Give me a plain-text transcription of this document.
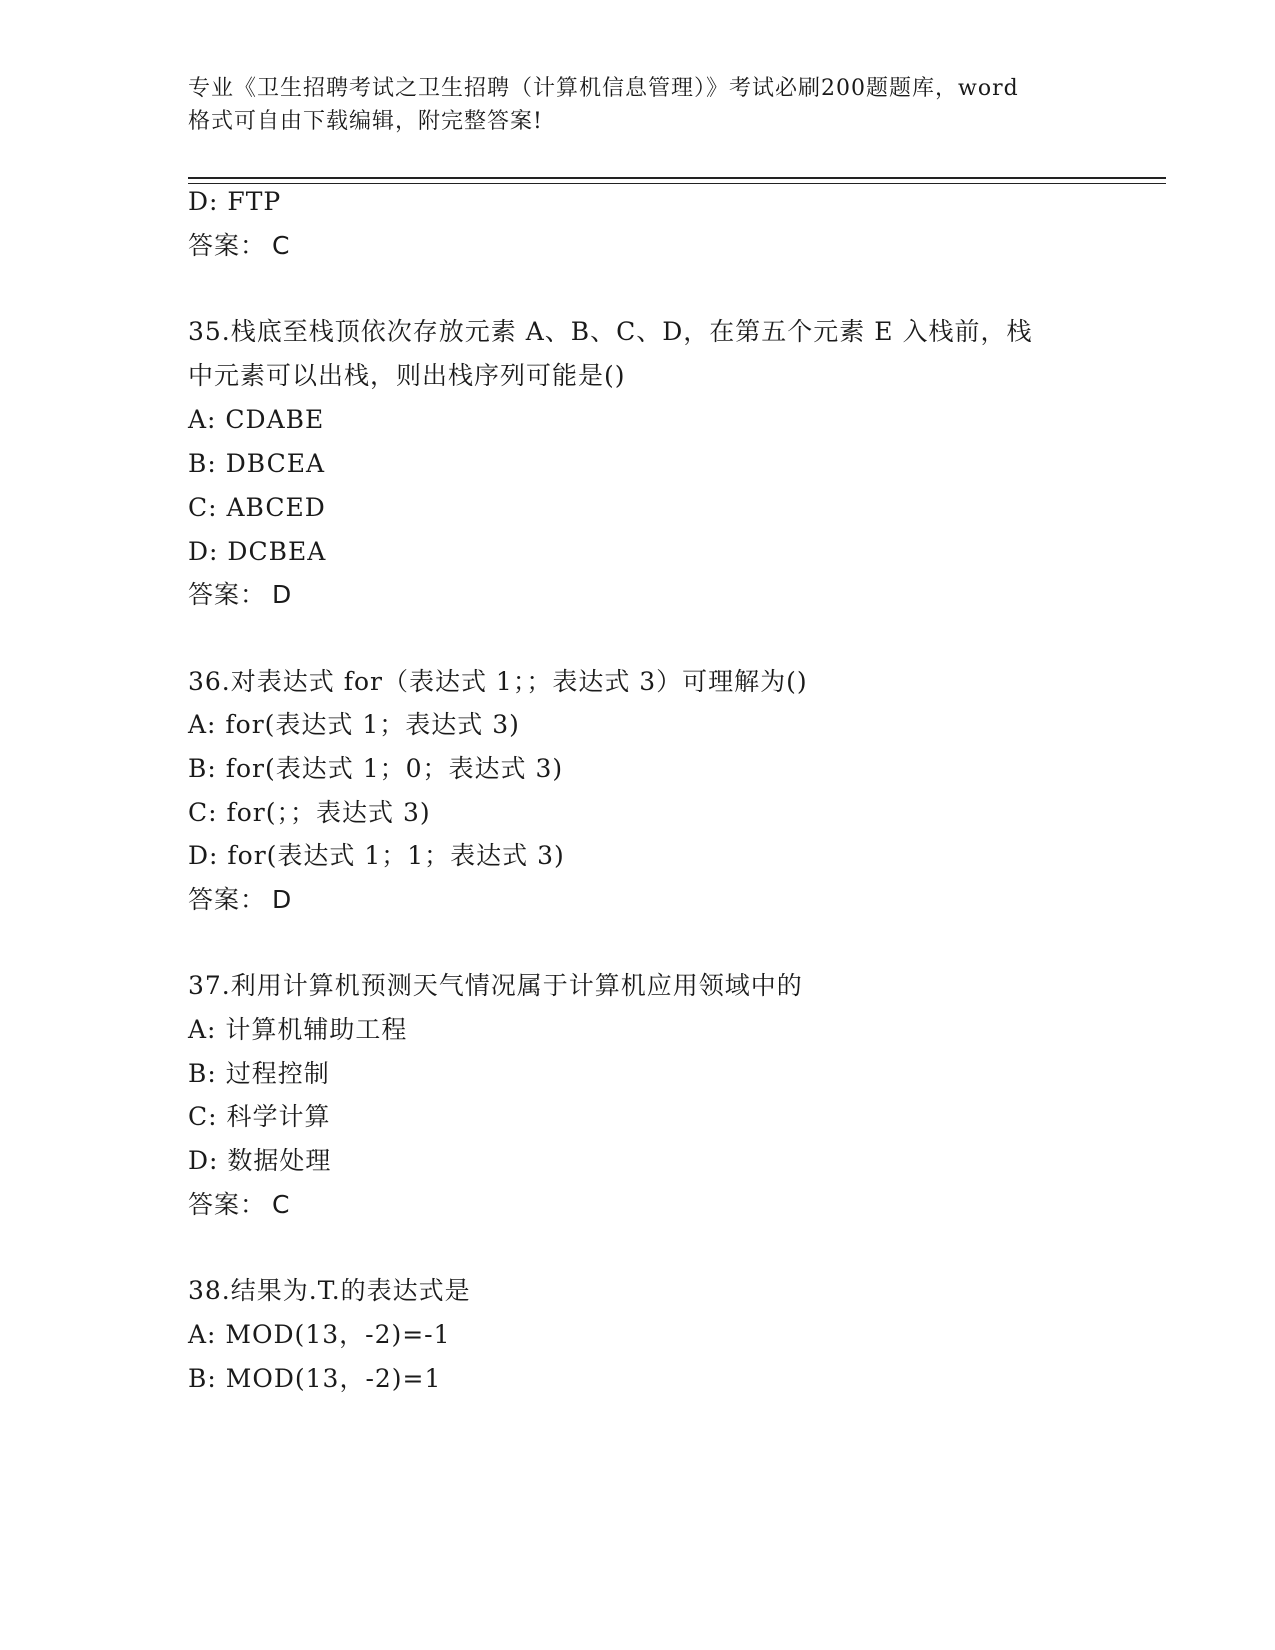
专业《卫生招聘考试之卫生招聘（计算机信息管理）》考试必刷200题题库，word
格式可自由下载编辑，附完整答案!
D: FTP
答案： C
35.栈底至栈顶依次存放元素 A、B、C、D，在第五个元素 E 入栈前，栈
中元素可以出栈，则出栈序列可能是()
A: CDABE
B: DBCEA
C: ABCED
D: DCBEA
答案： D
36.对表达式 for（表达式 1；；表达式 3）可理解为()
A: for(表达式 1；表达式 3)
B: for(表达式 1；0；表达式 3)
C: for(；；表达式 3)
D: for(表达式 1；1；表达式 3)
答案： D
37.利用计算机预测天气情况属于计算机应用领域中的
A: 计算机辅助工程
B: 过程控制
C: 科学计算
D: 数据处理
答案： C
38.结果为.T.的表达式是
A: MOD(13，-2)=-1
B: MOD(13，-2)=1
